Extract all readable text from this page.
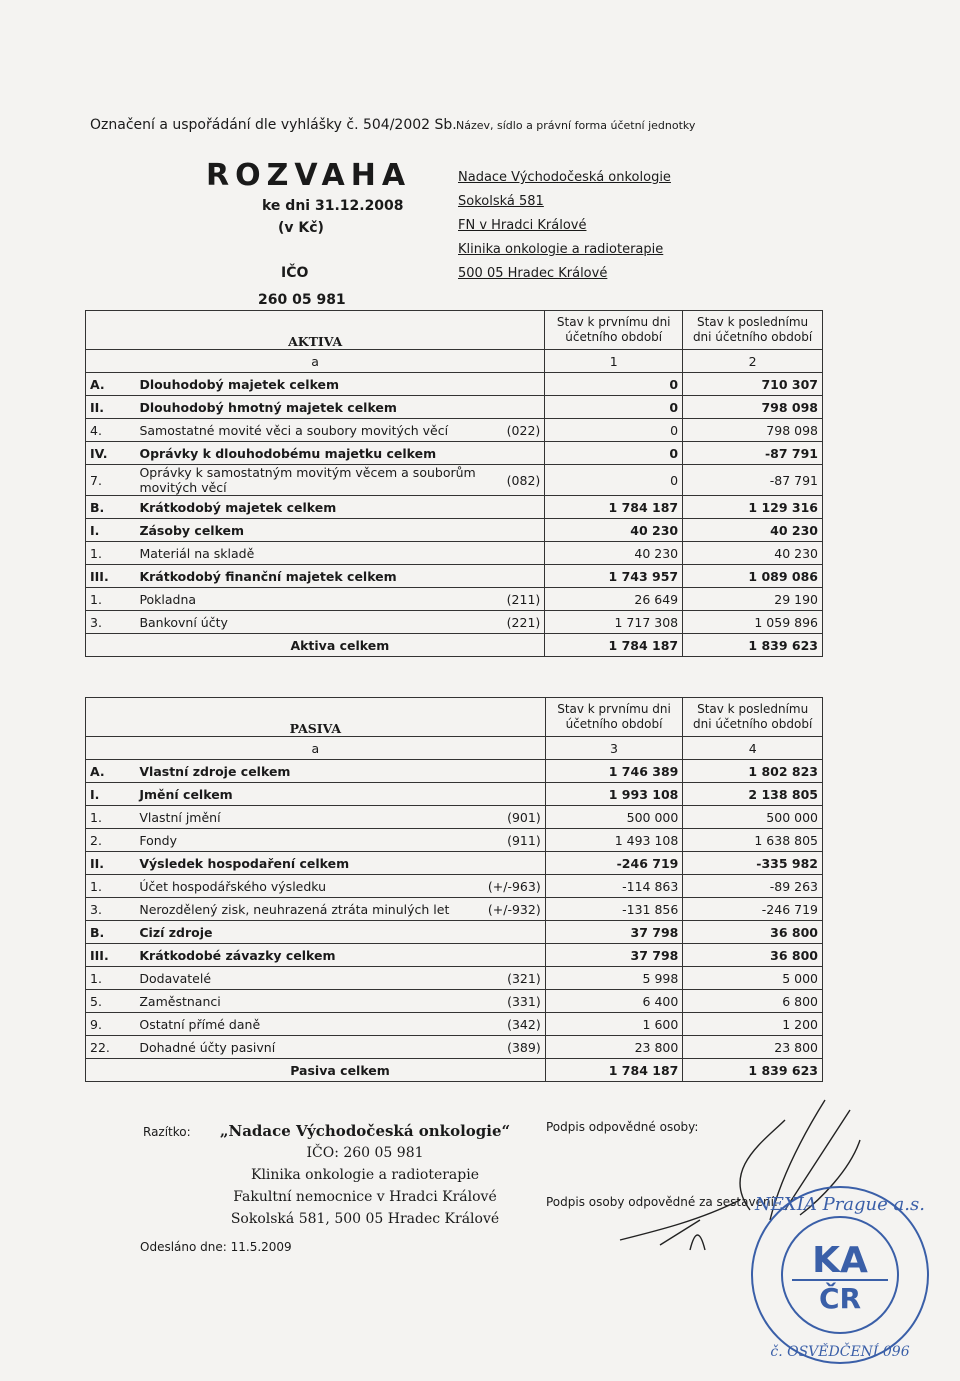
Označení a uspořádání dle vyhlášky č. 504/2002 Sb. Název, sídlo a právní forma účetní jednotky
ROZVAHA
ke dni 31.12.2008
(v Kč)
IČO
260 05 981
Nadace Východočeská onkologie
Sokolská 581
FN v Hradci Králové
Klinika onkologie a radioterapie
500 05 Hradec Králové
AKTIVA			Stav k prvnímu dni účetního období	Stav k poslednímu dni účetního období
a			1	2
A.	Dlouhodobý majetek celkem		0	710 307
II.	Dlouhodobý hmotný majetek celkem		0	798 098
4.	Samostatné movité věci a soubory movitých věcí	(022)	0	798 098
IV.	Oprávky k dlouhodobému majetku celkem		0	-87 791
7.	Oprávky k samostatným movitým věcem a souborům movitých věcí	(082)	0	-87 791
B.	Krátkodobý majetek celkem		1 784 187	1 129 316
I.	Zásoby celkem		40 230	40 230
1.	Materiál na skladě		40 230	40 230
III.	Krátkodobý finanční majetek celkem		1 743 957	1 089 086
1.	Pokladna	(211)	26 649	29 190
3.	Bankovní účty	(221)	1 717 308	1 059 896
	Aktiva celkem		1 784 187	1 839 623
PASIVA			Stav k prvnímu dni účetního období	Stav k poslednímu dni účetního období
a			3	4
A.	Vlastní zdroje celkem		1 746 389	1 802 823
I.	Jmění celkem		1 993 108	2 138 805
1.	Vlastní jmění	(901)	500 000	500 000
2.	Fondy	(911)	1 493 108	1 638 805
II.	Výsledek hospodaření celkem		-246 719	-335 982
1.	Účet hospodářského výsledku	(+/-963)	-114 863	-89 263
3.	Nerozdělený zisk, neuhrazená ztráta minulých let	(+/-932)	-131 856	-246 719
B.	Cizí zdroje		37 798	36 800
III.	Krátkodobé závazky celkem		37 798	36 800
1.	Dodavatelé	(321)	5 998	5 000
5.	Zaměstnanci	(331)	6 400	6 800
9.	Ostatní přímé daně	(342)	1 600	1 200
22.	Dohadné účty pasivní	(389)	23 800	23 800
	Pasiva celkem		1 784 187	1 839 623
Razítko:	„Nadace Východočeská onkologie“
IČO: 260 05 981
Klinika onkologie a radioterapie
Fakultní nemocnice v Hradci Králové
Sokolská 581, 500 05 Hradec Králové
Odesláno dne: 11.5.2009
Podpis odpovědné osoby:
Podpis osoby odpovědné za sestavení:
NEXIA Prague a.s.
KA
ČR
č. OSVĚDČENÍ 096
